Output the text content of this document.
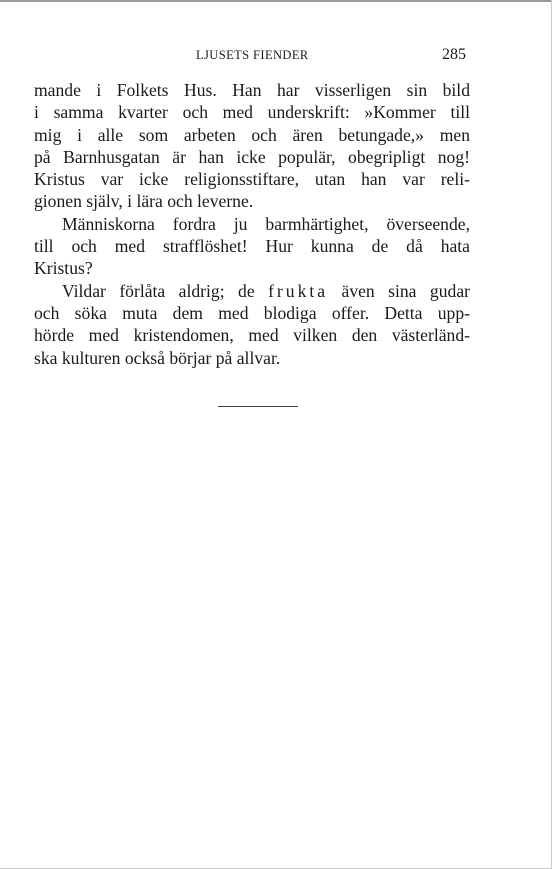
LJUSETS FIENDER	285

mande i Folkets Hus. Han har visserligen sin bild
i samma kvarter och med underskrift: »Kommer till
mig i alle som arbeten och ären betungade,» men
på Barnhusgatan är han icke populär, obegripligt nog!
Kristus var icke religionsstiftare, utan han var reli-
gionen själv, i lära och leverne.

Människorna fordra ju barmhärtighet, överseende,
till och med strafflöshet! Hur kunna de då hata
Kristus?

Vildar förlåta aldrig; de frukta även sina gudar
och söka muta dem med blodiga offer. Detta upp-
hörde med kristendomen, med vilken den västerländ-
ska kulturen också börjar på allvar.
